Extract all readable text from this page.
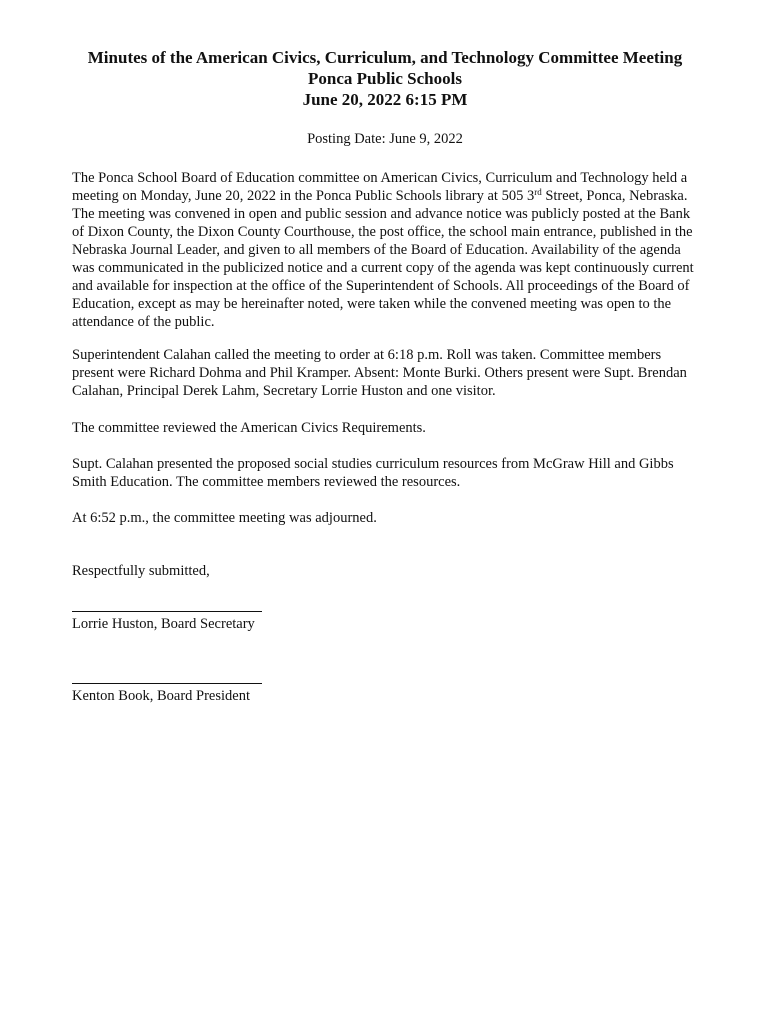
Minutes of the American Civics, Curriculum, and Technology Committee Meeting
Ponca Public Schools
June 20, 2022 6:15 PM
Posting Date: June 9, 2022

The Ponca School Board of Education committee on American Civics, Curriculum and Technology held a
meeting on Monday, June 20, 2022 in the Ponca Public Schools library at 505 3rd Street, Ponca, Nebraska.
The meeting was convened in open and public session and advance notice was publicly posted at the Bank
of Dixon County, the Dixon County Courthouse, the post office, the school main entrance, published in the
Nebraska Journal Leader, and given to all members of the Board of Education. Availability of the agenda
was communicated in the publicized notice and a current copy of the agenda was kept continuously current
and available for inspection at the office of the Superintendent of Schools. All proceedings of the Board of
Education, except as may be hereinafter noted, were taken while the convened meeting was open to the
attendance of the public.

Superintendent Calahan called the meeting to order at 6:18 p.m. Roll was taken. Committee members
present were Richard Dohma and Phil Kramper. Absent: Monte Burki. Others present were Supt. Brendan
Calahan, Principal Derek Lahm, Secretary Lorrie Huston and one visitor.

The committee reviewed the American Civics Requirements.

Supt. Calahan presented the proposed social studies curriculum resources from McGraw Hill and Gibbs
Smith Education. The committee members reviewed the resources.

At 6:52 p.m., the committee meeting was adjourned.

Respectfully submitted,

Lorrie Huston, Board Secretary
Kenton Book, Board President
